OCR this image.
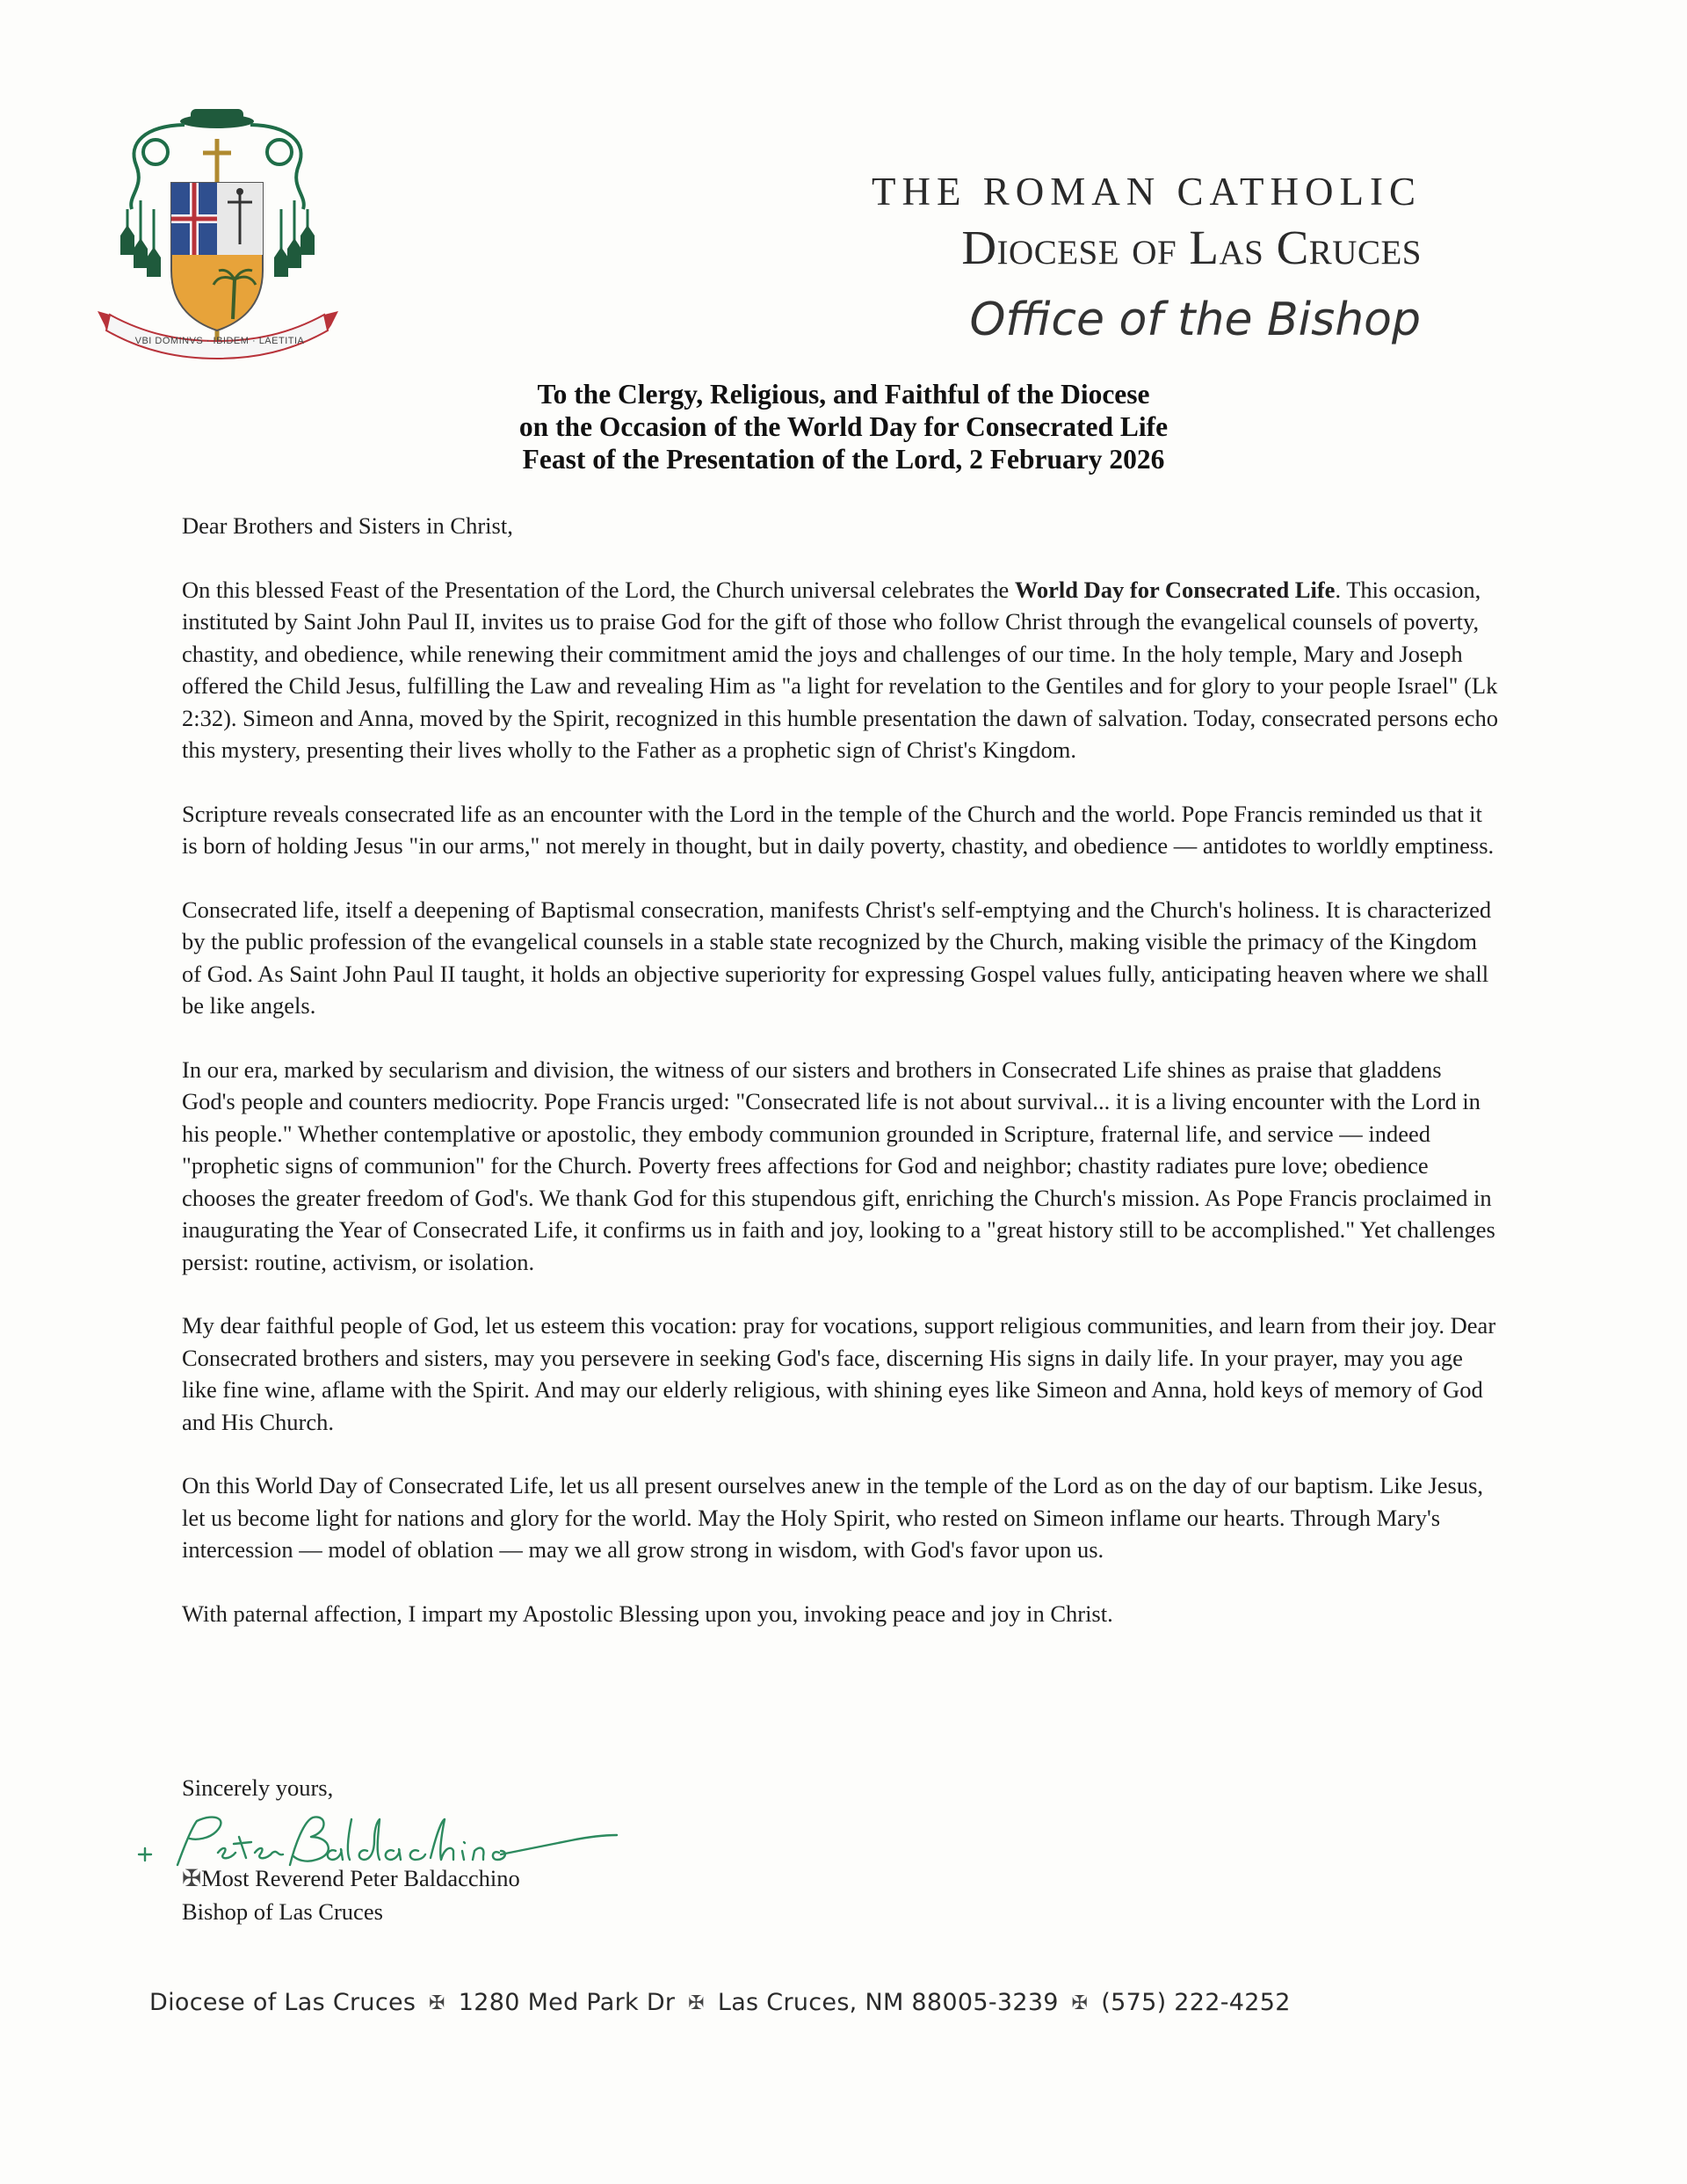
VBI DOMINVS · IBIDEM · LAETITIA
THE ROMAN CATHOLIC
Diocese of Las Cruces
Office of the Bishop
To the Clergy, Religious, and Faithful of the Diocese
on the Occasion of the World Day for Consecrated Life
Feast of the Presentation of the Lord, 2 February 2026

Dear Brothers and Sisters in Christ,

On this blessed Feast of the Presentation of the Lord, the Church universal celebrates the World Day for Consecrated Life. This occasion, instituted by Saint John Paul II, invites us to praise God for the gift of those who follow Christ through the evangelical counsels of poverty, chastity, and obedience, while renewing their commitment amid the joys and challenges of our time. In the holy temple, Mary and Joseph offered the Child Jesus, fulfilling the Law and revealing Him as "a light for revelation to the Gentiles and for glory to your people Israel" (Lk 2:32). Simeon and Anna, moved by the Spirit, recognized in this humble presentation the dawn of salvation. Today, consecrated persons echo this mystery, presenting their lives wholly to the Father as a prophetic sign of Christ's Kingdom.

Scripture reveals consecrated life as an encounter with the Lord in the temple of the Church and the world. Pope Francis reminded us that it is born of holding Jesus "in our arms," not merely in thought, but in daily poverty, chastity, and obedience — antidotes to worldly emptiness.

Consecrated life, itself a deepening of Baptismal consecration, manifests Christ's self-emptying and the Church's holiness. It is characterized by the public profession of the evangelical counsels in a stable state recognized by the Church, making visible the primacy of the Kingdom of God. As Saint John Paul II taught, it holds an objective superiority for expressing Gospel values fully, anticipating heaven where we shall be like angels.

In our era, marked by secularism and division, the witness of our sisters and brothers in Consecrated Life shines as praise that gladdens God's people and counters mediocrity. Pope Francis urged: "Consecrated life is not about survival... it is a living encounter with the Lord in his people." Whether contemplative or apostolic, they embody communion grounded in Scripture, fraternal life, and service — indeed "prophetic signs of communion" for the Church. Poverty frees affections for God and neighbor; chastity radiates pure love; obedience chooses the greater freedom of God's. We thank God for this stupendous gift, enriching the Church's mission. As Pope Francis proclaimed in inaugurating the Year of Consecrated Life, it confirms us in faith and joy, looking to a "great history still to be accomplished." Yet challenges persist: routine, activism, or isolation.

My dear faithful people of God, let us esteem this vocation: pray for vocations, support religious communities, and learn from their joy. Dear Consecrated brothers and sisters, may you persevere in seeking God's face, discerning His signs in daily life. In your prayer, may you age like fine wine, aflame with the Spirit. And may our elderly religious, with shining eyes like Simeon and Anna, hold keys of memory of God and His Church.

On this World Day of Consecrated Life, let us all present ourselves anew in the temple of the Lord as on the day of our baptism. Like Jesus, let us become light for nations and glory for the world. May the Holy Spirit, who rested on Simeon inflame our hearts. Through Mary's intercession — model of oblation — may we all grow strong in wisdom, with God's favor upon us.

With paternal affection, I impart my Apostolic Blessing upon you, invoking peace and joy in Christ.

Sincerely yours,
✠Most Reverend Peter Baldacchino
Bishop of Las Cruces
Diocese of Las Cruces ✠ 1280 Med Park Dr ✠ Las Cruces, NM 88005-3239 ✠ (575) 222-4252
